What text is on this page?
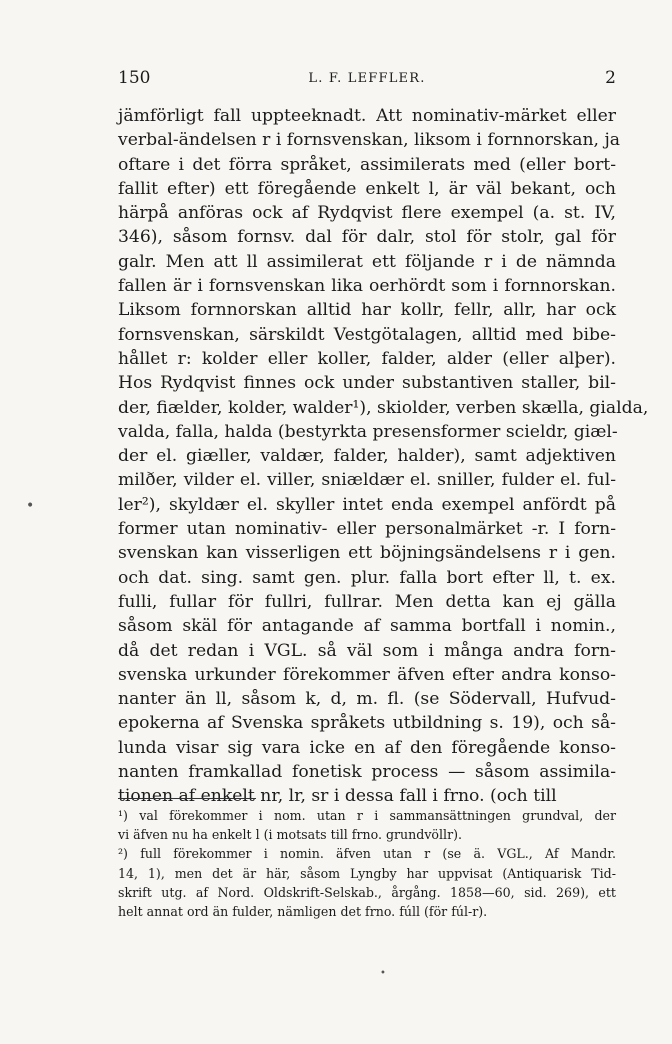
150	L. F. LEFFLER.	2
jämförligt fall uppteeknadt. Att nominativ-märket eller
verbal-ändelsen r i fornsvenskan, liksom i fornnorskan, ja
oftare i det förra språket, assimilerats med (eller bort-
fallit efter) ett föregående enkelt l, är väl bekant, och
härpå anföras ock af Rydqvist flere exempel (a. st. IV,
346), såsom fornsv. dal för dalr, stol för stolr, gal för
galr. Men att ll assimilerat ett följande r i de nämnda
fallen är i fornsvenskan lika oerhördt som i fornnorskan.
Liksom fornnorskan alltid har kollr, fellr, allr, har ock
fornsvenskan, särskildt Vestgötalagen, alltid med bibe-
hållet r: kolder eller koller, falder, alder (eller alþer).
Hos Rydqvist finnes ock under substantiven staller, bil-
der, fiælder, kolder, walder¹), skiolder, verben skælla, gialda,
valda, falla, halda (bestyrkta presensformer scieldr, giæl-
der el. giæller, valdær, falder, halder), samt adjektiven
milðer, vilder el. viller, sniældær el. sniller, fulder el. ful-
ler²), skyldær el. skyller intet enda exempel anfördt på
former utan nominativ- eller personalmärket -r. I forn-
svenskan kan visserligen ett böjningsändelsens r i gen.
och dat. sing. samt gen. plur. falla bort efter ll, t. ex.
fulli, fullar för fullri, fullrar. Men detta kan ej gälla
såsom skäl för antagande af samma bortfall i nomin.,
då det redan i VGL. så väl som i många andra forn-
svenska urkunder förekommer äfven efter andra konso-
nanter än ll, såsom k, d, m. fl. (se Södervall, Hufvud-
epokerna af Svenska språkets utbildning s. 19), och så-
lunda visar sig vara icke en af den föregående konso-
nanten framkallad fonetisk process — såsom assimila-
tionen af enkelt nr, lr, sr i dessa fall i frno. (och till
¹) val förekommer i nom. utan r i sammansättningen grundval, der
vi äfven nu ha enkelt l (i motsats till frno. grundvöllr).
²) full förekommer i nomin. äfven utan r (se ä. VGL., Af Mandr.
14, 1), men det är här, såsom Lyngby har uppvisat (Antiquarisk Tid-
skrift utg. af Nord. Oldskrift-Selskab., årgång. 1858—60, sid. 269), ett
helt annat ord än fulder, nämligen det frno. fúll (för fúl-r).
•
•
